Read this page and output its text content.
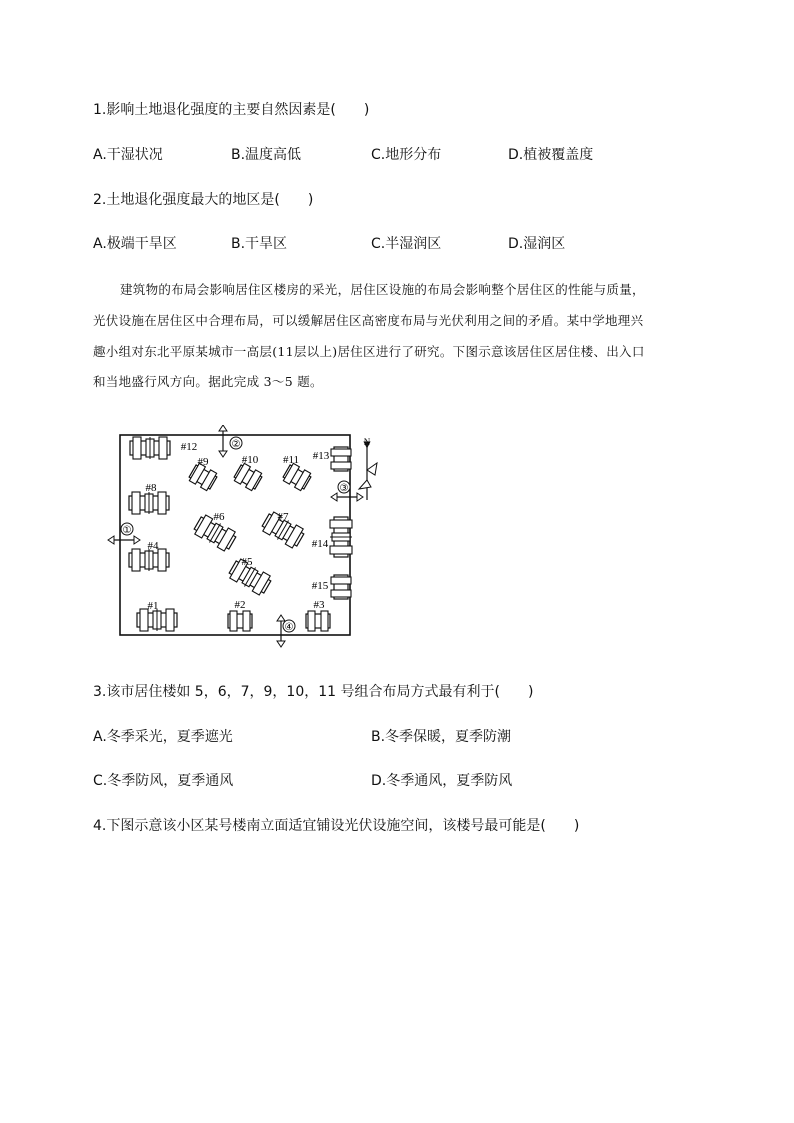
1.影响土地退化强度的主要自然因素是(　　)
A.干湿状况	B.温度高低	C.地形分布	D.植被覆盖度
2.土地退化强度最大的地区是(　　)
A.极端干旱区	B.干旱区	C.半湿润区	D.湿润区
建筑物的布局会影响居住区楼房的采光，居住区设施的布局会影响整个居住区的性能与质量，
光伏设施在居住区中合理布局，可以缓解居住区高密度布局与光伏利用之间的矛盾。某中学地理兴
趣小组对东北平原某城市一高层(11层以上)居住区进行了研究。下图示意该居住区居住楼、出入口
和当地盛行风方向。据此完成 3～5 题。
①
②
③
④
N
#12
#8
#4
#1	#2	#3
#9	#10 #11
#6	#7
#5
#13
#14
#15
3.该市居住楼如 5，6，7，9，10，11 号组合布局方式最有利于(　　)
A.冬季采光，夏季遮光	B.冬季保暖，夏季防潮
C.冬季防风，夏季通风	D.冬季通风，夏季防风
4.下图示意该小区某号楼南立面适宜铺设光伏设施空间，该楼号最可能是(　　)
